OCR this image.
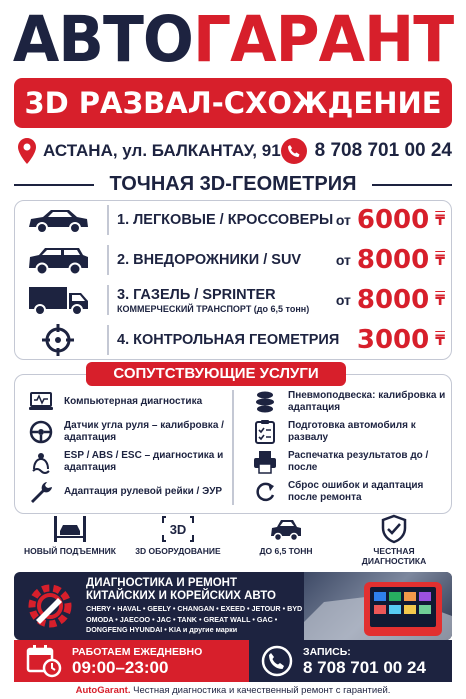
АВТОГАРАНТ
3D РАЗВАЛ-СХОЖДЕНИЕ
АСТАНА, ул. БАЛКАНТАУ, 91 8 708 701 00 24
ТОЧНАЯ 3D-ГЕОМЕТРИЯ
1. ЛЕГКОВЫЕ / КРОССОВЕРЫ от 6000 ₸
2. ВНЕДОРОЖНИКИ / SUV от 8000 ₸
3. ГАЗЕЛЬ / SPRINTER
КОММЕРЧЕСКИЙ ТРАНСПОРТ (до 6,5 тонн)
от 8000 ₸
4. КОНТРОЛЬНАЯ ГЕОМЕТРИЯ 3000 ₸
СОПУТСТВУЮЩИЕ УСЛУГИ
Компьютерная диагностика
Датчик угла руля – калибровка / адаптация
ESP / ABS / ESC – диагностика и адаптация
Адаптация рулевой рейки / ЭУР
Пневмоподвеска: калибровка и адаптация
Подготовка автомобиля к развалу
Распечатка результатов до / после
Сброс ошибок и адаптация после ремонта
НОВЫЙ ПОДЪЕМНИК
3D
3D ОБОРУДОВАНИЕ	ДО 6,5 ТОНН	ЧЕСТНАЯ ДИАГНОСТИКА
ДИАГНОСТИКА И РЕМОНТ КИТАЙСКИХ И КОРЕЙСКИХ АВТО
CHERY • HAVAL • GEELY • CHANGAN • EXEED • JETOUR • BYD OMODA • JAECOO • JAC • TANK • GREAT WALL • GAC • DONGFENG HYUNDAI • KIA и другие марки
РАБОТАЕМ ЕЖЕДНЕВНО
09:00–23:00
ЗАПИСЬ:
8 708 701 00 24
AutoGarant. Честная диагностика и качественный ремонт с гарантией.
